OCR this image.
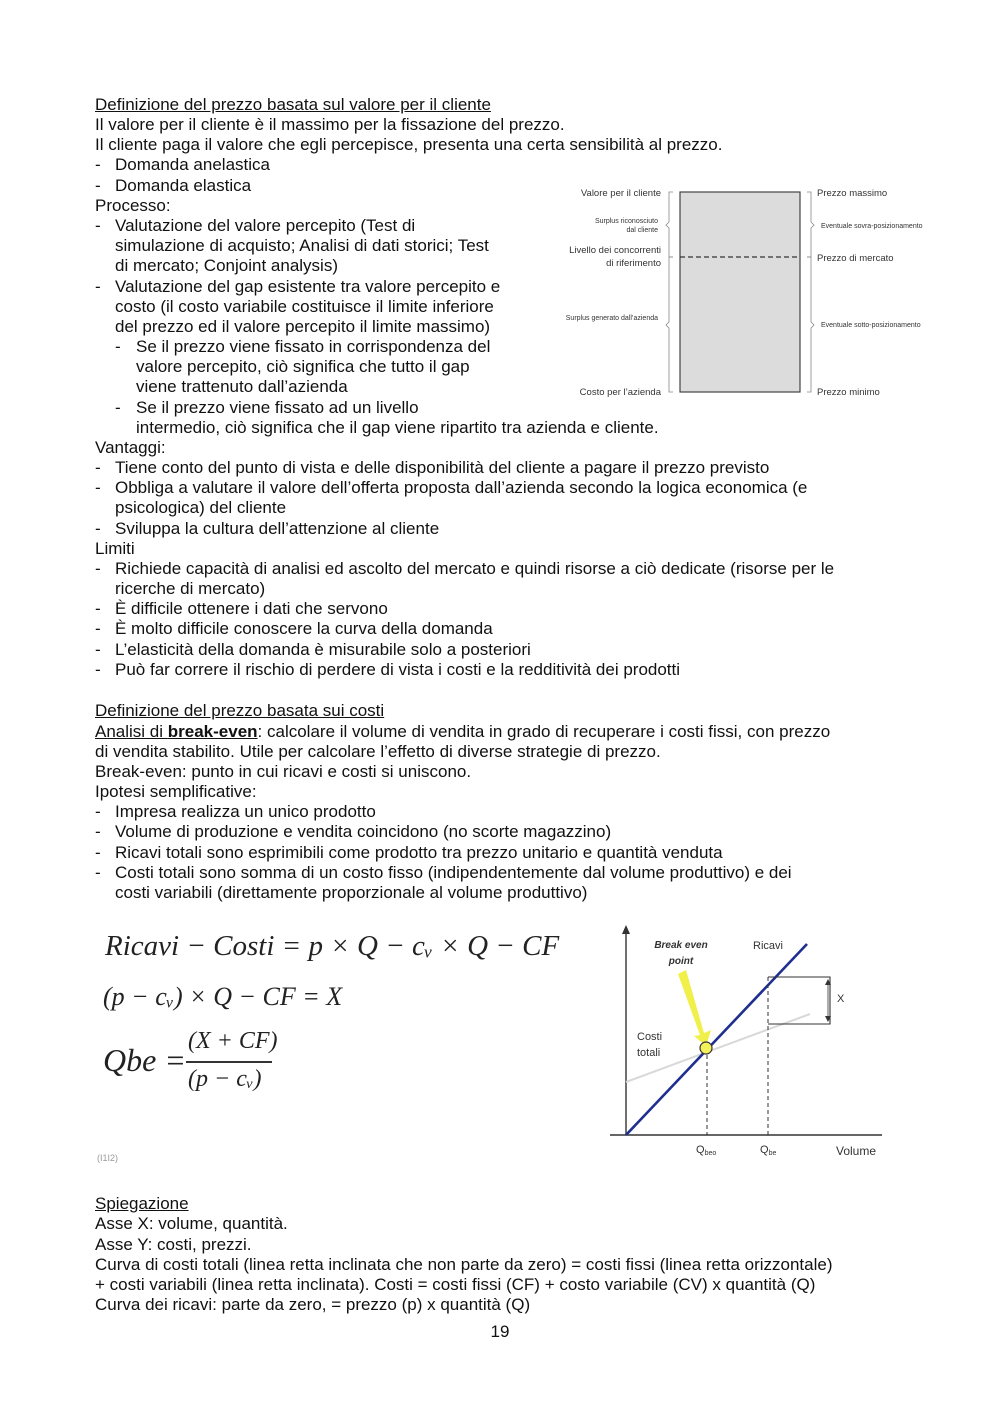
Definizione del prezzo basata sul valore per il cliente
Il valore per il cliente è il massimo per la fissazione del prezzo.
Il cliente paga il valore che egli percepisce, presenta una certa sensibilità al prezzo.
- Domanda anelastica
- Domanda elastica
Processo:
- Valutazione del valore percepito (Test di
simulazione di acquisto; Analisi di dati storici; Test
di mercato; Conjoint analysis)
- Valutazione del gap esistente tra valore percepito e
costo (il costo variabile costituisce il limite inferiore
del prezzo ed il valore percepito il limite massimo)
- Se il prezzo viene fissato in corrispondenza del
valore percepito, ciò significa che tutto il gap
viene trattenuto dall’azienda
- Se il prezzo viene fissato ad un livello
intermedio, ciò significa che il gap viene ripartito tra azienda e cliente.
Vantaggi:
- Tiene conto del punto di vista e delle disponibilità del cliente a pagare il prezzo previsto
- Obbliga a valutare il valore dell’offerta proposta dall’azienda secondo la logica economica (e
psicologica) del cliente
- Sviluppa la cultura dell’attenzione al cliente
Limiti
- Richiede capacità di analisi ed ascolto del mercato e quindi risorse a ciò dedicate (risorse per le
ricerche di mercato)
- È difficile ottenere i dati che servono
- È molto difficile conoscere la curva della domanda
- L’elasticità della domanda è misurabile solo a posteriori
- Può far correre il rischio di perdere di vista i costi e la redditività dei prodotti
Valore per il cliente
Surplus riconosciuto
dal cliente
Livello dei concorrenti
di riferimento
Surplus generato dall’azienda
Costo per l’azienda
Prezzo massimo
Eventuale sovra-posizionamento
Prezzo di mercato
Eventuale sotto-posizionamento
Prezzo minimo
Definizione del prezzo basata sui costi
Analisi di break-even: calcolare il volume di vendita in grado di recuperare i costi fissi, con prezzo
di vendita stabilito. Utile per calcolare l’effetto di diverse strategie di prezzo.
Break-even: punto in cui ricavi e costi si uniscono.
Ipotesi semplificative:
- Impresa realizza un unico prodotto
- Volume di produzione e vendita coincidono (no scorte magazzino)
- Ricavi totali sono esprimibili come prodotto tra prezzo unitario e quantità venduta
- Costi totali sono somma di un costo fisso (indipendentemente dal volume produttivo) e dei
costi variabili (direttamente proporzionale al volume produttivo)
Ricavi − Costi = p × Q − cᵥ × Q − CF
(p − cᵥ) × Q − CF = X
Qbe =
(X + CF)
(p − cᵥ)
(I1I2)
Break even
point
Ricavi
X
Costi
totali
Qbeo	Qbe	Volume
Spiegazione
Asse X: volume, quantità.
Asse Y: costi, prezzi.
Curva di costi totali (linea retta inclinata che non parte da zero) = costi fissi (linea retta orizzontale)
+ costi variabili (linea retta inclinata). Costi = costi fissi (CF) + costo variabile (CV) x quantità (Q)
Curva dei ricavi: parte da zero, = prezzo (p) x quantità (Q)
19
